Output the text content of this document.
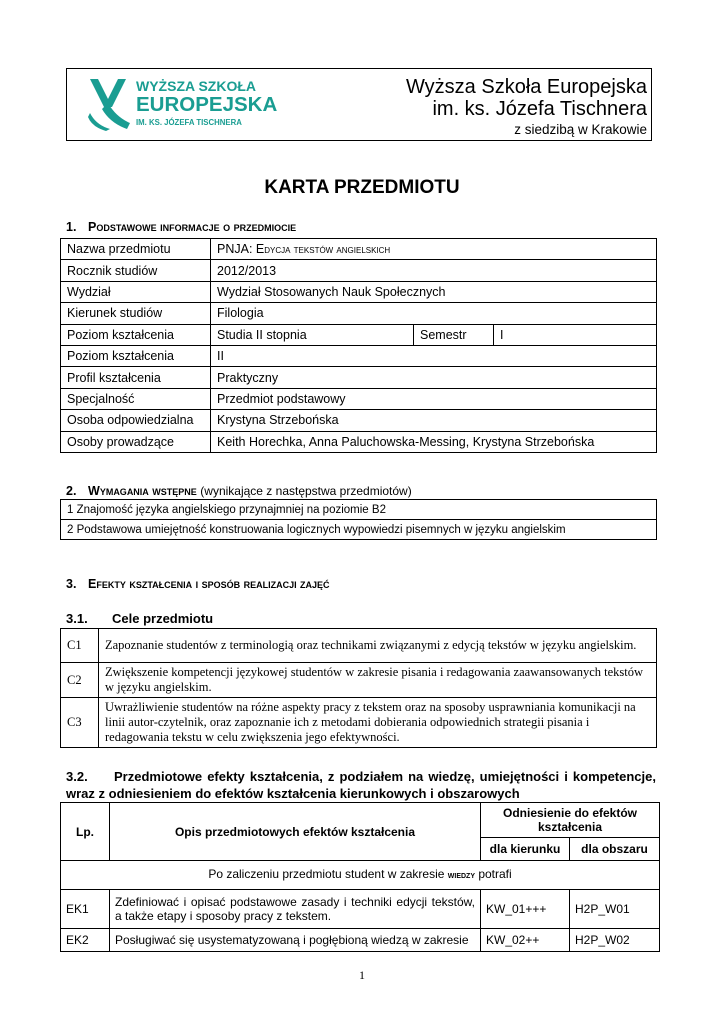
Wyższa Szkoła Europejska
im. ks. Józefa Tischnera
z siedzibą w Krakowie
WYŻSZA SZKOŁA
EUROPEJSKA
IM. KS. JÓZEFA TISCHNERA
KARTA PRZEDMIOTU
1. Podstawowe informacje o przedmiocie
Nazwa przedmiotu	PNJA: Edycja tekstów angielskich		
Rocznik studiów	2012/2013		
Wydział	Wydział Stosowanych Nauk Społecznych		
Kierunek studiów	Filologia		
Poziom kształcenia	Studia II stopnia	Semestr	I
Poziom kształcenia	II		
Profil kształcenia	Praktyczny		
Specjalność	Przedmiot podstawowy		
Osoba odpowiedzialna	Krystyna Strzebońska		
Osoby prowadzące	Keith Horechka, Anna Paluchowska-Messing, Krystyna Strzebońska		
2. Wymagania wstępne (wynikające z następstwa przedmiotów)
1 Znajomość języka angielskiego przynajmniej na poziomie B2
2 Podstawowa umiejętność konstruowania logicznych wypowiedzi pisemnych w języku angielskim
3. Efekty kształcenia i sposób realizacji zajęć
3.1. Cele przedmiotu
C1	Zapoznanie studentów z terminologią oraz technikami związanymi z edycją tekstów w języku angielskim.
C2	Zwiększenie kompetencji językowej studentów w zakresie pisania i redagowania zaawansowanych tekstów w języku angielskim.
C3	Uwrażliwienie studentów na różne aspekty pracy z tekstem oraz na sposoby usprawniania komunikacji na linii autor-czytelnik, oraz zapoznanie ich z metodami dobierania odpowiednich strategii pisania i redagowania tekstu w celu zwiększenia jego efektywności.
3.2. Przedmiotowe efekty kształcenia, z podziałem na wiedzę, umiejętności i kompetencje, wraz z odniesieniem do efektów kształcenia kierunkowych i obszarowych
Lp.	Opis przedmiotowych efektów kształcenia	Odniesienie do efektów kształcenia	
		dla kierunku	dla obszaru
Po zaliczeniu przedmiotu student w zakresie wiedzy potrafi			
EK1	Zdefiniować i opisać podstawowe zasady i techniki edycji tekstów, a także etapy i sposoby pracy z tekstem.	KW_01+++	H2P_W01
EK2	Posługiwać się usystematyzowaną i pogłębioną wiedzą w zakresie	KW_02++	H2P_W02
1
